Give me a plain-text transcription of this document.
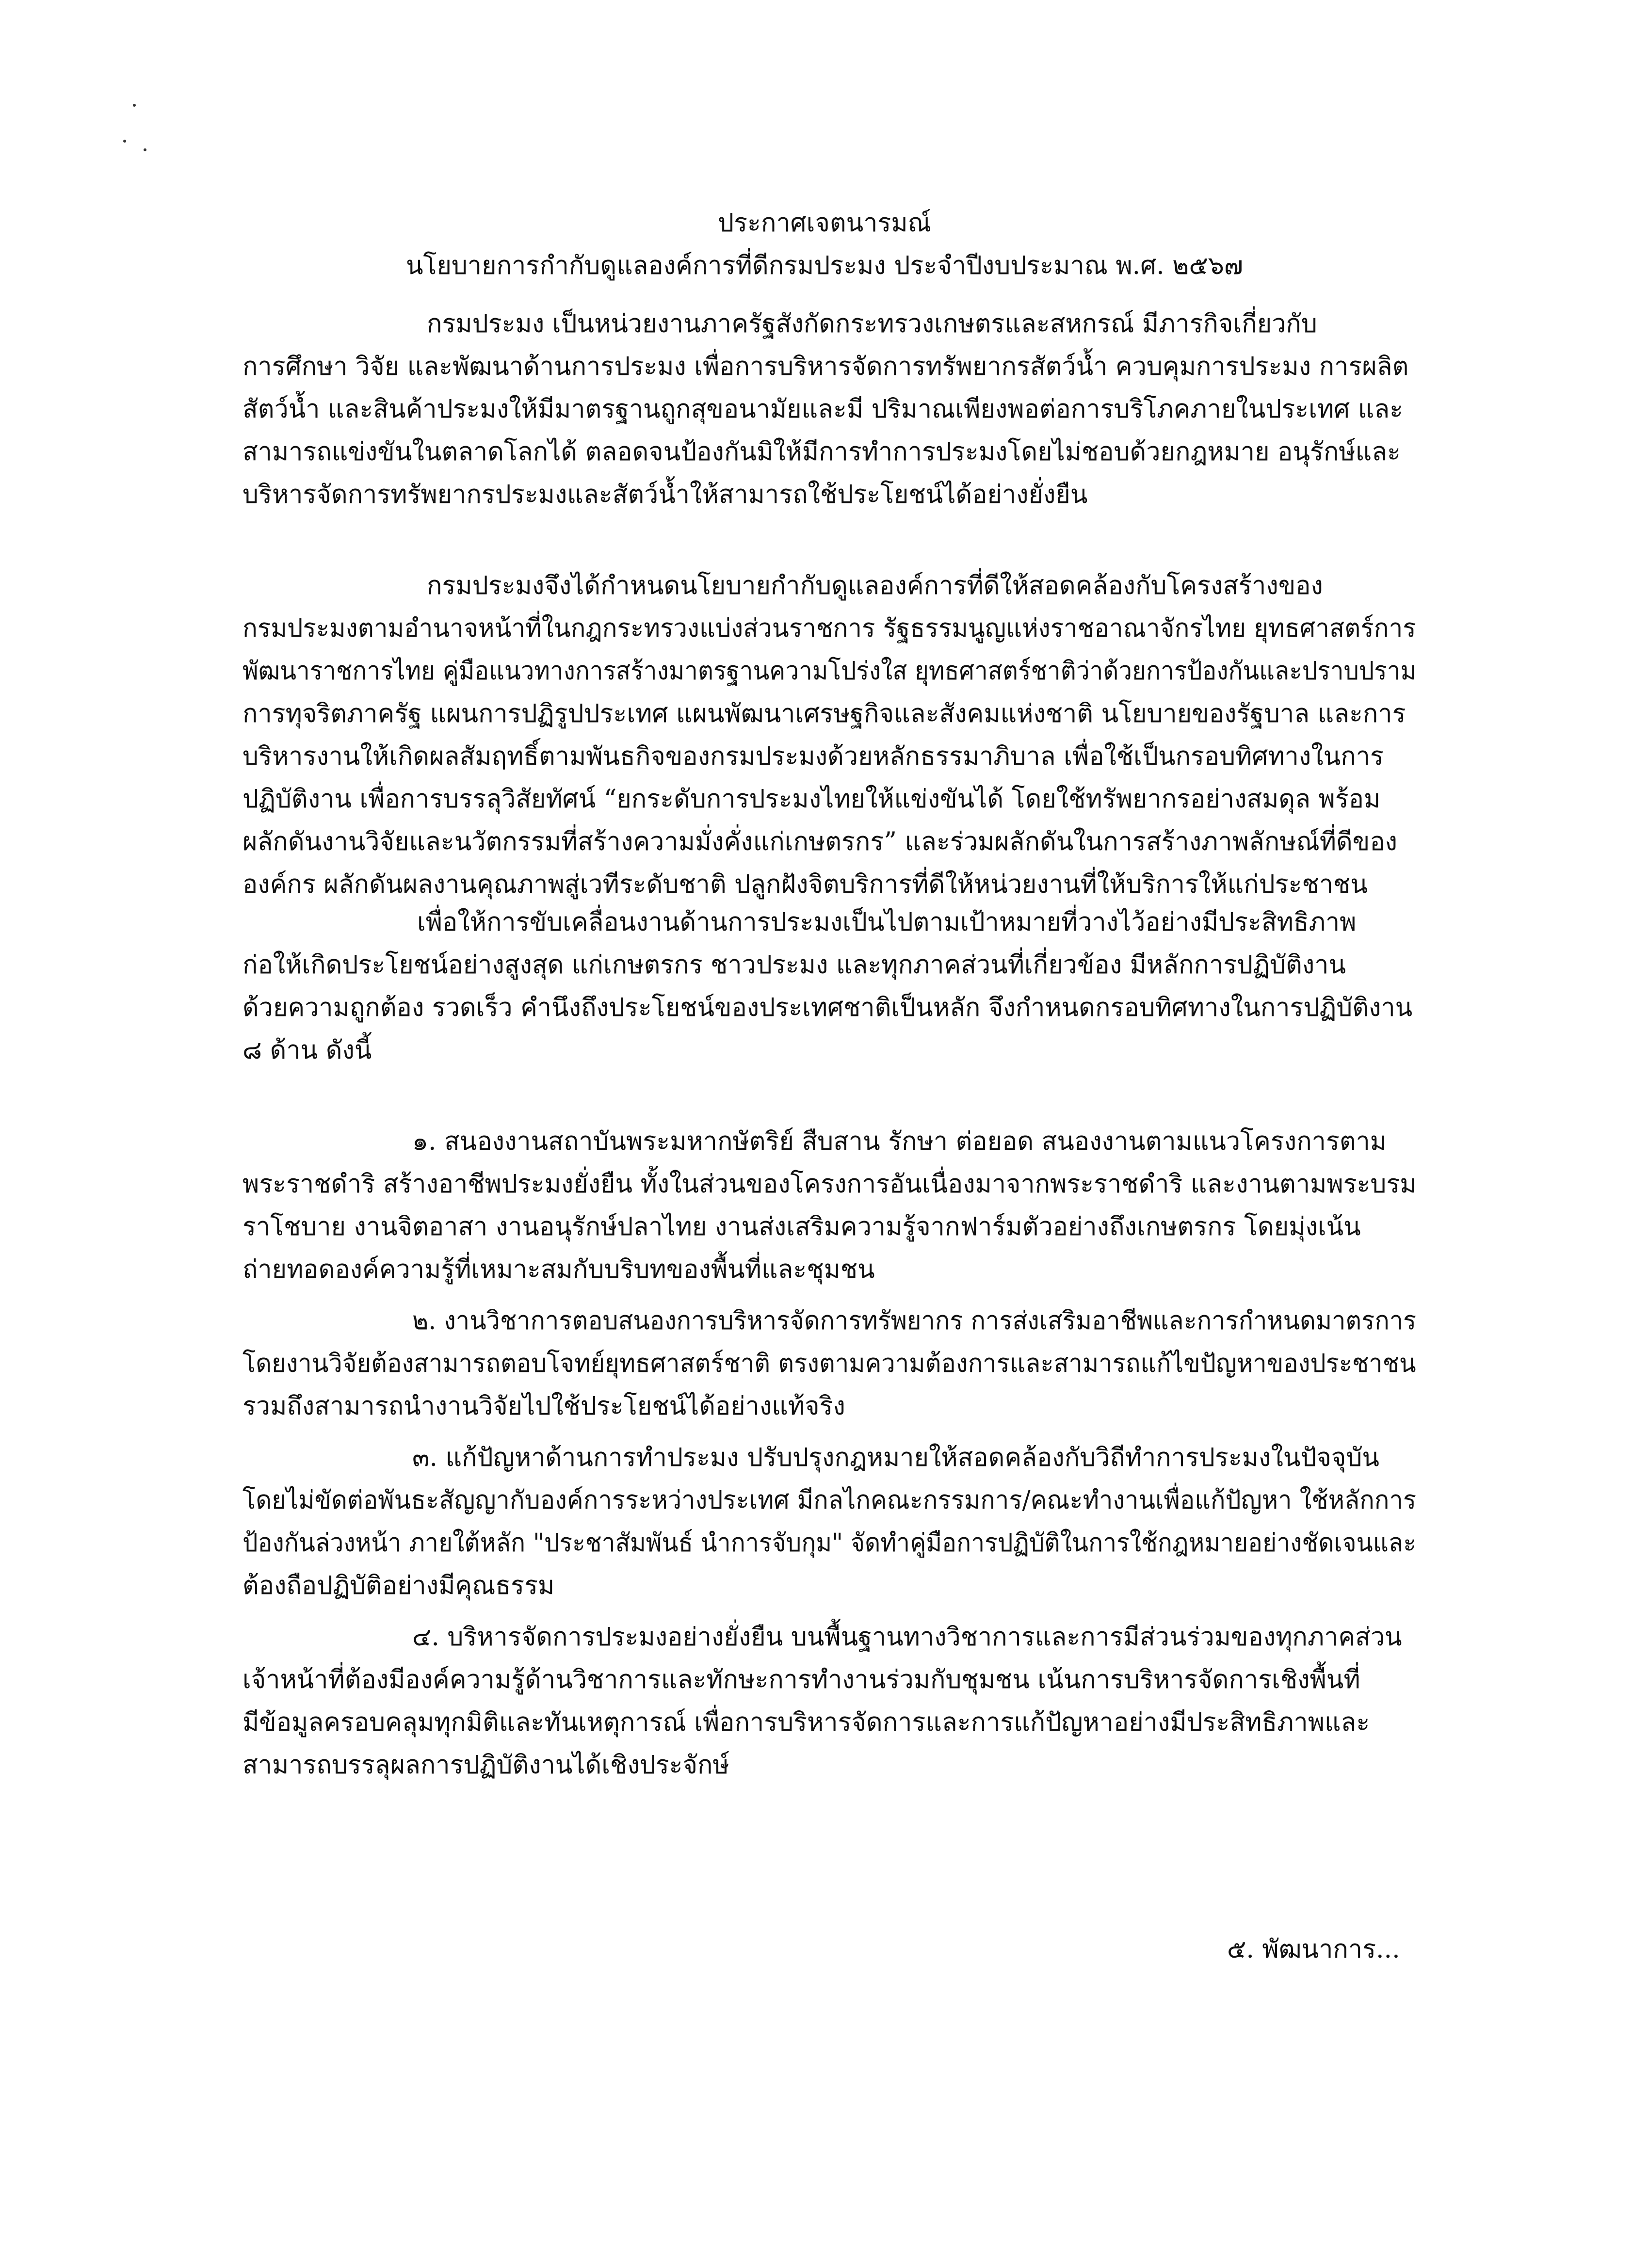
ประกาศเจตนารมณ์
นโยบายการกำกับดูแลองค์การที่ดีกรมประมง ประจำปีงบประมาณ พ.ศ. ๒๕๖๗
กรมประมง เป็นหน่วยงานภาครัฐสังกัดกระทรวงเกษตรและสหกรณ์ มีภารกิจเกี่ยวกับ
การศึกษา วิจัย และพัฒนาด้านการประมง เพื่อการบริหารจัดการทรัพยากรสัตว์น้ำ ควบคุมการประมง การผลิต
สัตว์น้ำ และสินค้าประมงให้มีมาตรฐานถูกสุขอนามัยและมี ปริมาณเพียงพอต่อการบริโภคภายในประเทศ และ
สามารถแข่งขันในตลาดโลกได้ ตลอดจนป้องกันมิให้มีการทำการประมงโดยไม่ชอบด้วยกฎหมาย อนุรักษ์และ
บริหารจัดการทรัพยากรประมงและสัตว์น้ำให้สามารถใช้ประโยชน์ได้อย่างยั่งยืน
กรมประมงจึงได้กำหนดนโยบายกำกับดูแลองค์การที่ดีให้สอดคล้องกับโครงสร้างของ
กรมประมงตามอำนาจหน้าที่ในกฎกระทรวงแบ่งส่วนราชการ รัฐธรรมนูญแห่งราชอาณาจักรไทย ยุทธศาสตร์การ
พัฒนาราชการไทย คู่มือแนวทางการสร้างมาตรฐานความโปร่งใส ยุทธศาสตร์ชาติว่าด้วยการป้องกันและปราบปราม
การทุจริตภาครัฐ แผนการปฏิรูปประเทศ แผนพัฒนาเศรษฐกิจและสังคมแห่งชาติ นโยบายของรัฐบาล และการ
บริหารงานให้เกิดผลสัมฤทธิ์ตามพันธกิจของกรมประมงด้วยหลักธรรมาภิบาล เพื่อใช้เป็นกรอบทิศทางในการ
ปฏิบัติงาน เพื่อการบรรลุวิสัยทัศน์ “ยกระดับการประมงไทยให้แข่งขันได้ โดยใช้ทรัพยากรอย่างสมดุล พร้อม
ผลักดันงานวิจัยและนวัตกรรมที่สร้างความมั่งคั่งแก่เกษตรกร” และร่วมผลักดันในการสร้างภาพลักษณ์ที่ดีของ
องค์กร ผลักดันผลงานคุณภาพสู่เวทีระดับชาติ ปลูกฝังจิตบริการที่ดีให้หน่วยงานที่ให้บริการให้แก่ประชาชน
เพื่อให้การขับเคลื่อนงานด้านการประมงเป็นไปตามเป้าหมายที่วางไว้อย่างมีประสิทธิภาพ
ก่อให้เกิดประโยชน์อย่างสูงสุด แก่เกษตรกร ชาวประมง และทุกภาคส่วนที่เกี่ยวข้อง มีหลักการปฏิบัติงาน
ด้วยความถูกต้อง รวดเร็ว คำนึงถึงประโยชน์ของประเทศชาติเป็นหลัก จึงกำหนดกรอบทิศทางในการปฏิบัติงาน
๘ ด้าน ดังนี้
๑. สนองงานสถาบันพระมหากษัตริย์ สืบสาน รักษา ต่อยอด สนองงานตามแนวโครงการตาม
พระราชดำริ สร้างอาชีพประมงยั่งยืน ทั้งในส่วนของโครงการอันเนื่องมาจากพระราชดำริ และงานตามพระบรม
ราโชบาย งานจิตอาสา งานอนุรักษ์ปลาไทย งานส่งเสริมความรู้จากฟาร์มตัวอย่างถึงเกษตรกร โดยมุ่งเน้น
ถ่ายทอดองค์ความรู้ที่เหมาะสมกับบริบทของพื้นที่และชุมชน
๒. งานวิชาการตอบสนองการบริหารจัดการทรัพยากร การส่งเสริมอาชีพและการกำหนดมาตรการ
โดยงานวิจัยต้องสามารถตอบโจทย์ยุทธศาสตร์ชาติ ตรงตามความต้องการและสามารถแก้ไขปัญหาของประชาชน
รวมถึงสามารถนำงานวิจัยไปใช้ประโยชน์ได้อย่างแท้จริง
๓. แก้ปัญหาด้านการทำประมง ปรับปรุงกฎหมายให้สอดคล้องกับวิถีทำการประมงในปัจจุบัน
โดยไม่ขัดต่อพันธะสัญญากับองค์การระหว่างประเทศ มีกลไกคณะกรรมการ/คณะทำงานเพื่อแก้ปัญหา ใช้หลักการ
ป้องกันล่วงหน้า ภายใต้หลัก "ประชาสัมพันธ์ นำการจับกุม" จัดทำคู่มือการปฏิบัติในการใช้กฎหมายอย่างชัดเจนและ
ต้องถือปฏิบัติอย่างมีคุณธรรม
๔. บริหารจัดการประมงอย่างยั่งยืน บนพื้นฐานทางวิชาการและการมีส่วนร่วมของทุกภาคส่วน
เจ้าหน้าที่ต้องมีองค์ความรู้ด้านวิชาการและทักษะการทำงานร่วมกับชุมชน เน้นการบริหารจัดการเชิงพื้นที่
มีข้อมูลครอบคลุมทุกมิติและทันเหตุการณ์ เพื่อการบริหารจัดการและการแก้ปัญหาอย่างมีประสิทธิภาพและ
สามารถบรรลุผลการปฏิบัติงานได้เชิงประจักษ์
๕. พัฒนาการ...
